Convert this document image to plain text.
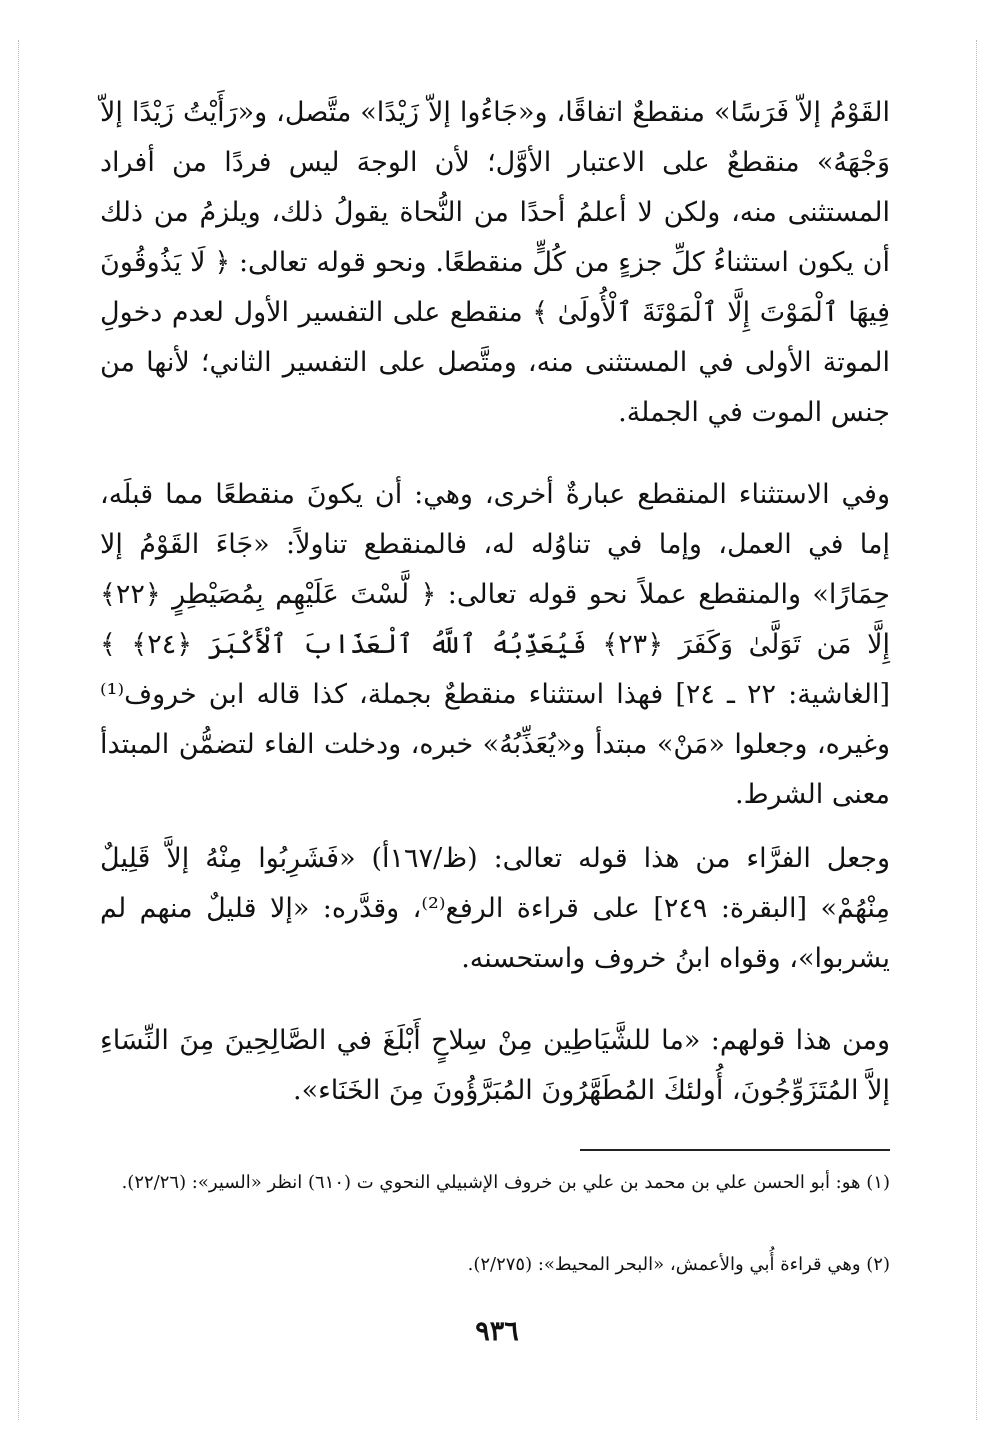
القَوْمُ إلاّ فَرَسًا» منقطعٌ اتفاقًا، و«جَاءُوا إلاّ زَيْدًا» متَّصل، و«رَأَيْتُ زَيْدًا إلاّ وَجْهَهُ» منقطعٌ على الاعتبار الأوَّل؛ لأن الوجهَ ليس فردًا من أفراد المستثنى منه، ولكن لا أعلمُ أحدًا من النُّحاة يقولُ ذلك، ويلزمُ من ذلك أن يكون استثناءُ كلِّ جزءٍ من كُلٍّ منقطعًا. ونحو قوله تعالى: ﴿ لَا يَذُوقُونَ فِيهَا ٱلْمَوْتَ إِلَّا ٱلْمَوْتَةَ ٱلْأُولَىٰ ﴾ منقطع على التفسير الأول لعدم دخولِ الموتة الأولى في المستثنى منه، ومتَّصل على التفسير الثاني؛ لأنها من جنس الموت في الجملة.

وفي الاستثناء المنقطع عبارةٌ أخرى، وهي: أن يكونَ منقطعًا مما قبلَه، إما في العمل، وإما في تناوُله له، فالمنقطع تناولاً: «جَاءَ القَوْمُ إلا حِمَارًا» والمنقطع عملاً نحو قوله تعالى: ﴿ لَّسْتَ عَلَيْهِم بِمُصَيْطِرٍ ﴿٢٢﴾ إِلَّا مَن تَوَلَّىٰ وَكَفَرَ ﴿٢٣﴾ فَيُعَذِّبُهُ ٱللَّهُ ٱلْعَذَابَ ٱلْأَكْبَرَ ﴿٢٤﴾ ﴾ [الغاشية: ٢٢ ـ ٢٤] فهذا استثناء منقطعٌ بجملة، كذا قاله ابن خروف⁽¹⁾ وغيره، وجعلوا «مَنْ» مبتدأ و«يُعَذِّبُهُ» خبره، ودخلت الفاء لتضمُّن المبتدأ معنى الشرط.

وجعل الفرَّاء من هذا قوله تعالى: (ظ/١٦٧أ) «فَشَرِبُوا مِنْهُ إلاَّ قَلِيلٌ مِنْهُمْ» [البقرة: ٢٤٩] على قراءة الرفع⁽²⁾، وقدَّره: «إلا قليلٌ منهم لم يشربوا»، وقواه ابنُ خروف واستحسنه.

ومن هذا قولهم: «ما للشَّيَاطِين مِنْ سِلاحٍ أَبْلَغَ في الصَّالِحِينَ مِنَ النِّسَاءِ إلاَّ المُتَزَوِّجُونَ، أُولئكَ المُطَهَّرُونَ المُبَرَّؤُونَ مِنَ الخَنَاء».

(١) هو: أبو الحسن علي بن محمد بن علي بن خروف الإشبيلي النحوي ت (٦١٠) انظر «السير»: (٢٢/٢٦).

(٢) وهي قراءة أُبي والأعمش، «البحر المحيط»: (٢/٢٧٥).

٩٣٦
